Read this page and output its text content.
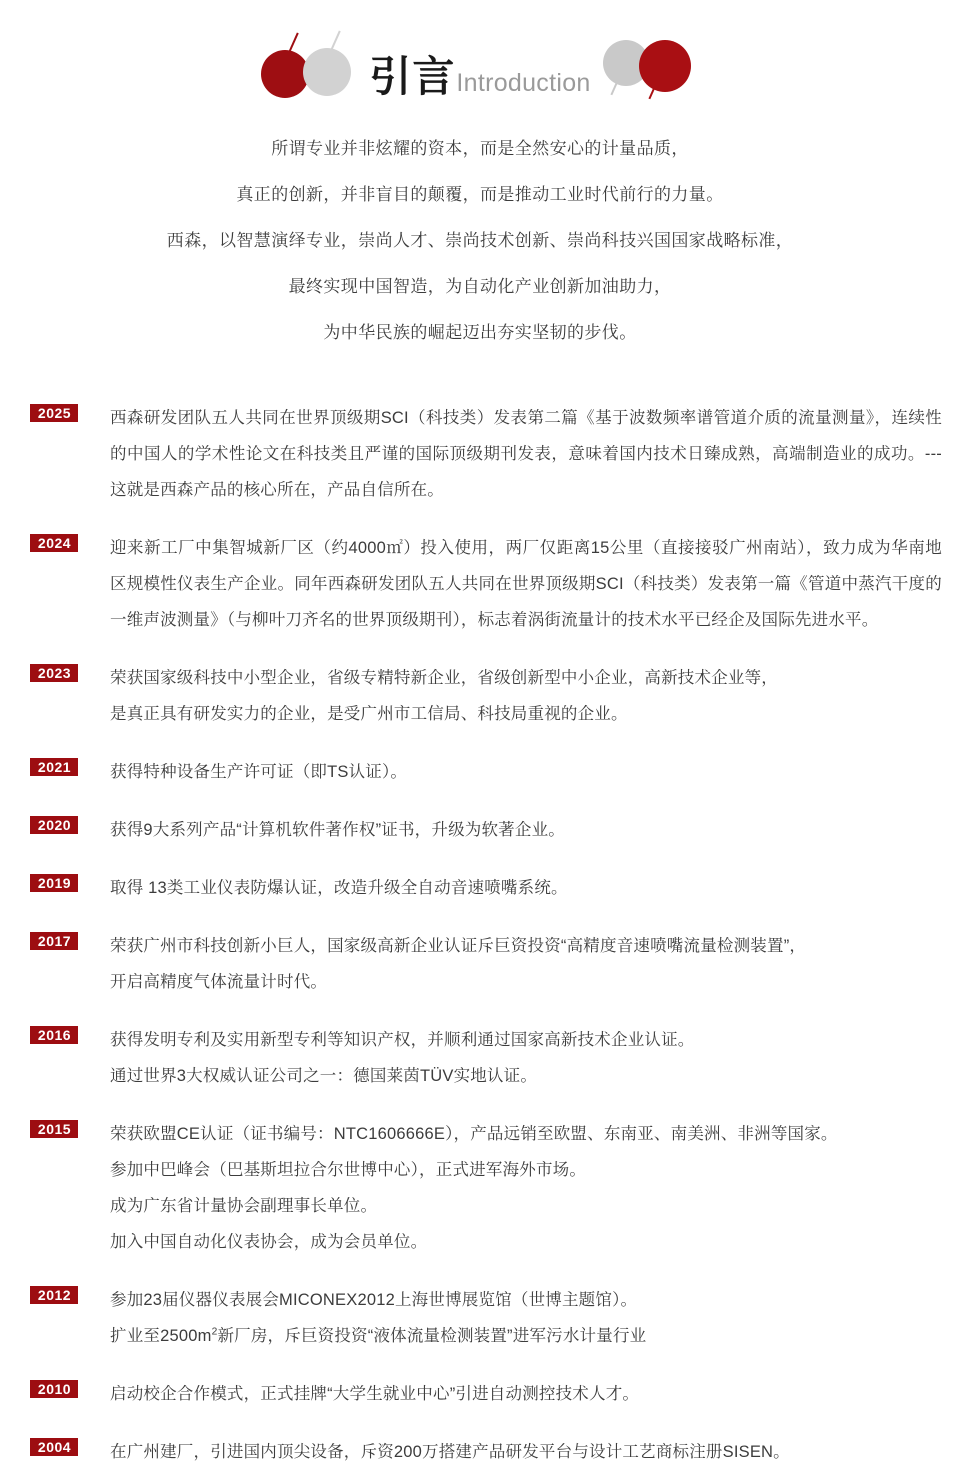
引言 Introduction
所谓专业并非炫耀的资本，而是全然安心的计量品质，
真正的创新，并非盲目的颠覆，而是推动工业时代前行的力量。
西森，以智慧演绎专业，崇尚人才、崇尚技术创新、崇尚科技兴国国家战略标准，
最终实现中国智造，为自动化产业创新加油助力，
为中华民族的崛起迈出夯实坚韧的步伐。
2025	西森研发团队五人共同在世界顶级期SCI（科技类）发表第二篇《基于波数频率谱管道介质的流量测量》，连续性的中国人的学术性论文在科技类且严谨的国际顶级期刊发表，意味着国内技术日臻成熟，高端制造业的成功。---这就是西森产品的核心所在，产品自信所在。

2024	迎来新工厂中集智城新厂区（约4000㎡）投入使用，两厂仅距离15公里（直接接驳广州南站），致力成为华南地区规模性仪表生产企业。同年西森研发团队五人共同在世界顶级期SCI（科技类）发表第一篇《管道中蒸汽干度的一维声波测量》（与柳叶刀齐名的世界顶级期刊），标志着涡街流量计的技术水平已经企及国际先进水平。

2023	荣获国家级科技中小型企业，省级专精特新企业，省级创新型中小企业，高新技术企业等，

是真正具有研发实力的企业，是受广州市工信局、科技局重视的企业。

2021	获得特种设备生产许可证（即TS认证）。

2020	获得9大系列产品“计算机软件著作权”证书，升级为软著企业。

2019	取得 13类工业仪表防爆认证，改造升级全自动音速喷嘴系统。

2017	荣获广州市科技创新小巨人，国家级高新企业认证斥巨资投资“高精度音速喷嘴流量检测装置”，

开启高精度气体流量计时代。

2016	获得发明专利及实用新型专利等知识产权，并顺利通过国家高新技术企业认证。

通过世界3大权威认证公司之一：德国莱茵TÜV实地认证。

2015	荣获欧盟CE认证（证书编号：NTC1606666E），产品远销至欧盟、东南亚、南美洲、非洲等国家。

参加中巴峰会（巴基斯坦拉合尔世博中心），正式进军海外市场。

成为广东省计量协会副理事长单位。

加入中国自动化仪表协会，成为会员单位。

2012	参加23届仪器仪表展会MICONEX2012上海世博展览馆（世博主题馆）。

扩业至$2500m^2$新厂房，斥巨资投资“液体流量检测装置”进军污水计量行业

2010	启动校企合作模式，正式挂牌“大学生就业中心”引进自动测控技术人才。

2004	在广州建厂，引进国内顶尖设备，斥资200万搭建产品研发平台与设计工艺商标注册SISEN。
